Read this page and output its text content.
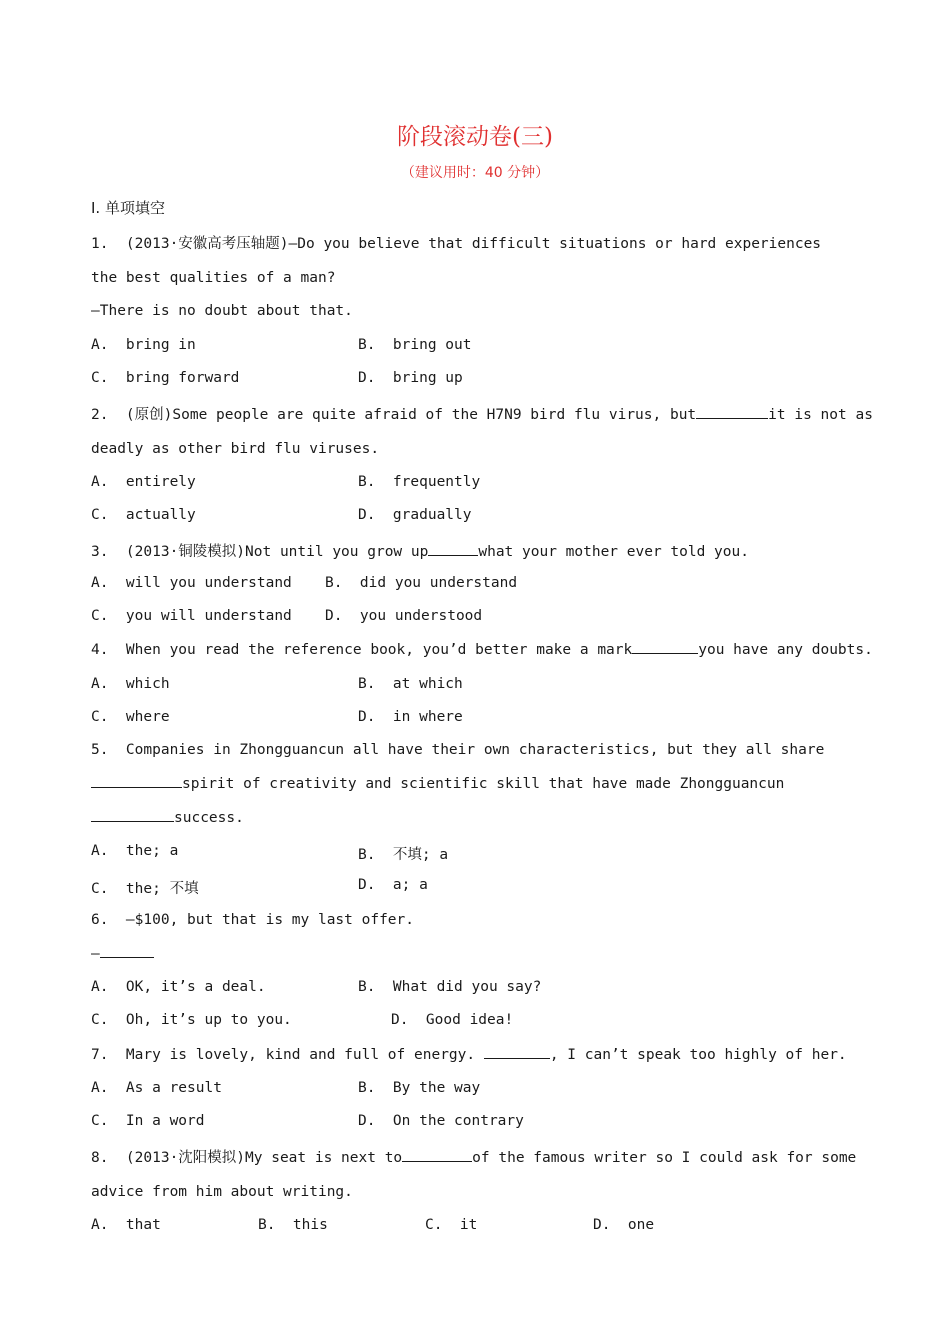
阶段滚动卷(三)
（建议用时：40 分钟）
Ⅰ. 单项填空
1.  (2013·安徽高考压轴题)—Do you believe that difficult situations or hard experiences
the best qualities of a man?
—There is no doubt about that.
A.  bring in	B.  bring out
C.  bring forward	D.  bring up
2.  (原创)Some people are quite afraid of the H7N9 bird flu virus, but	it is not as
deadly as other bird flu viruses.
A.  entirely	B.  frequently
C.  actually	D.  gradually
3.  (2013·铜陵模拟)Not until you grow up	what your mother ever told you.
A.  will you understand B.  did you understand
C.  you will understand D.  you understood
4.  When you read the reference book, you’d better make a mark	you have any doubts.
A.  which	B.  at which
C.  where	D.  in where
5.  Companies in Zhongguancun all have their own characteristics, but they all share
spirit of creativity and scientific skill that have made Zhongguancun
success.
A.  the; a	B.  不填; a
C.  the; 不填	D.  a; a
6.  —$100, but that is my last offer.
—
A.  OK, it’s a deal.	B.  What did you say?
C.  Oh, it’s up to you.	D.  Good idea!
7.  Mary is lovely, kind and full of energy.	, I can’t speak too highly of her.
A.  As a result	B.  By the way
C.  In a word	D.  On the contrary
8.  (2013·沈阳模拟)My seat is next to	of the famous writer so I could ask for some
advice from him about writing.
A.  that	B.  this	C.  it	D.  one
